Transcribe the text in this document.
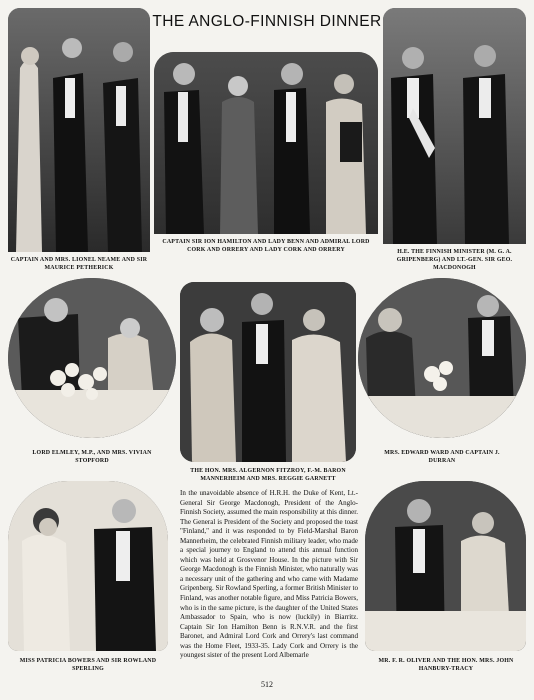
THE ANGLO-FINNISH DINNER
CAPTAIN AND MRS. LIONEL NEAME AND SIR MAURICE PETHERICK
CAPTAIN SIR ION HAMILTON AND LADY BENN AND ADMIRAL LORD CORK AND ORRERY AND LADY CORK AND ORRERY	H.E. THE FINNISH MINISTER (M. G. A. GRIPENBERG) AND LT.-GEN. SIR GEO. MACDONOGH
LORD ELMLEY, M.P., AND MRS. VIVIAN STOPFORD
THE HON. MRS. ALGERNON FITZROY, F.-M. BARON MANNERHEIM AND MRS. REGGIE GARNETT
MRS. EDWARD WARD AND CAPTAIN J. DURRAN
MISS PATRICIA BOWERS AND SIR ROWLAND SPERLING
In the unavoidable absence of H.R.H. the Duke of Kent, Lt.-General Sir George Macdonogh, President of the Anglo-Finnish Society, assumed the main responsibility at this dinner. The General is President of the Society and proposed the toast "Finland," and it was responded to by Field-Marshal Baron Mannerheim, the celebrated Finnish military leader, who made a special journey to England to attend this annual function which was held at Grosvenor House. In the picture with Sir George Macdonogh is the Finnish Minister, who naturally was a necessary unit of the gathering and who came with Madame Gripenberg. Sir Rowland Sperling, a former British Minister to Finland, was another notable figure, and Miss Patricia Bowers, who is in the same picture, is the daughter of the United States Ambassador to Spain, who is now (luckily) in Biarritz. Captain Sir Ion Hamilton Benn is R.N.V.R. and the first Baronet, and Admiral Lord Cork and Orrery's last command was the Home Fleet, 1933-35. Lady Cork and Orrery is the youngest sister of the present Lord Albemarle
MR. F. R. OLIVER AND THE HON. MRS. JOHN HANBURY-TRACY
512
